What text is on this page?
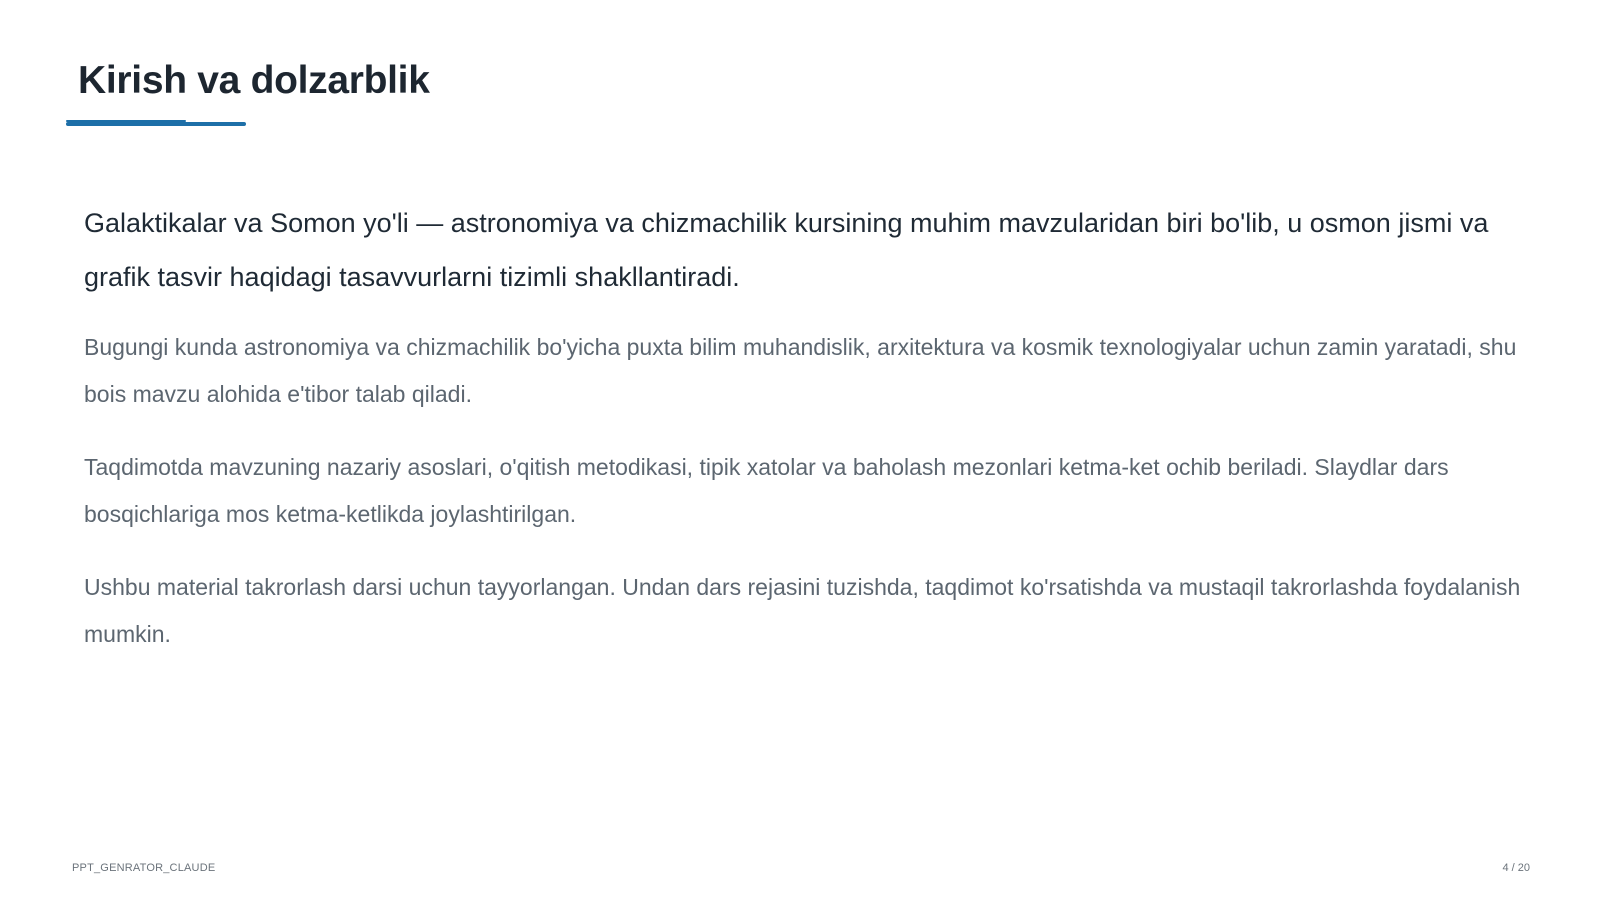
Kirish va dolzarblik

Galaktikalar va Somon yo'li — astronomiya va chizmachilik kursining muhim mavzularidan biri bo'lib, u osmon jismi va grafik tasvir haqidagi tasavvurlarni tizimli shakllantiradi.

Bugungi kunda astronomiya va chizmachilik bo'yicha puxta bilim muhandislik, arxitektura va kosmik texnologiyalar uchun zamin yaratadi, shu bois mavzu alohida e'tibor talab qiladi.

Taqdimotda mavzuning nazariy asoslari, o'qitish metodikasi, tipik xatolar va baholash mezonlari ketma-ket ochib beriladi. Slaydlar dars bosqichlariga mos ketma-ketlikda joylashtirilgan.

Ushbu material takrorlash darsi uchun tayyorlangan. Undan dars rejasini tuzishda, taqdimot ko'rsatishda va mustaqil takrorlashda foydalanish mumkin.

PPT_GENRATOR_CLAUDE	4 / 20
